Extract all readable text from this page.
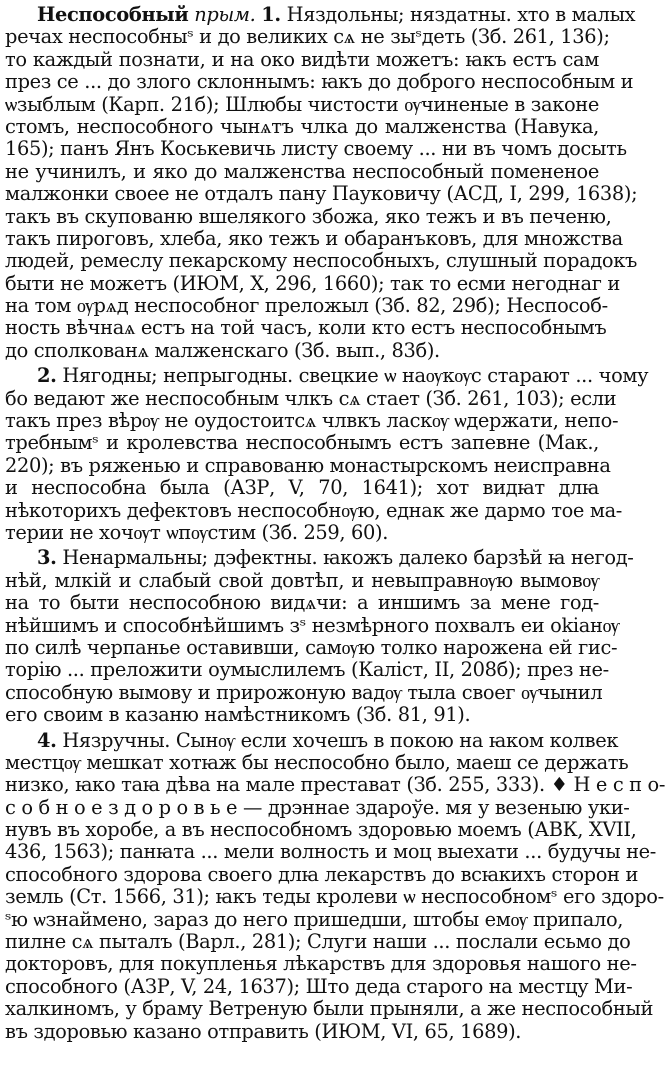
Неспособный прым. 1. Няздольны; няздатны. хто в малых
речах неспособныˢ и до великих сѧ не зыˢдеть (Зб. 261, 136);
то каждый познати, и на око видѣти можетъ: ꙗкъ естъ сам
през се ... до злого склоннымъ: ꙗкъ до доброго неспособным и
ѡзыблым (Карп. 21б); Шлюбы чистости ѹчиненые в законе
стомъ, неспособного чынѧтъ члка до малженства (Навука,
165); панъ Янъ Коськевичь листу своему ... ни въ чомъ досыть
не учинилъ, и яко до малженства неспособный помененое
малжонки своее не отдалъ пану Пауковичу (АСД, I, 299, 1638);
такъ въ скупованю вшелякого збожа, яко тежъ и въ печеню,
такъ пироговъ, хлеба, яко тежъ и обаранъковъ, для множства
людей, ремеслу пекарскому неспособныхъ, слушный порадокъ
быти не можетъ (ИЮМ, X, 296, 1660); так то есми негоднаг и
на том ѹрѧд неспособног преложыл (Зб. 82, 29б); Неспособ-
ность вѣчнаѧ естъ на той часъ, коли кто естъ неспособнымъ
до сполкованѧ малженскаго (Зб. вып., 83б).
2. Нягодны; непрыгодны. свецкие ѡ наѹкѹс старают ... чому
бо ведают же неспособным члкъ сѧ стает (Зб. 261, 103); если
такъ през вѣрѹ не оудостоитсѧ члвкъ ласкѹ ѡдержати, непо-
требнымˢ и кролевства неспособнымъ естъ запевне (Мак.,
220); въ ряженью и справованю монастырскомъ неисправна
и неспособна была (АЗР, V, 70, 1641); хот видꙗт длꙗ
нѣкоторихъ дефектовъ неспособнѹю, еднак же дармо тое ма-
терии не хочѹт ѡпѹстим (Зб. 259, 60).
3. Ненармальны; дэфектны. ꙗкожъ далеко барзѣй ꙗ негод-
нѣй, млкій и слабый свой довтѣп, и невыправнѹю вымовѹ
на то быти неспособною видѧчи: а иншимъ за мене год-
нѣйшимъ и способнѣйшимъ зˢ незмѣрного похвалъ еи оkiанѹ
по силѣ черпанье оставивши, самѹю толко нарожена ей гис-
торію ... преложити оумыслилемъ (Каліст, II, 208б); през не-
способную вымову и прирожоную вадѹ тыла своег ѹчынил
его своим в казаню намѣстникомъ (Зб. 81, 91).
4. Нязручны. Сынѹ если хочешъ в покою на ꙗком колвек
местцѹ мешкат хотꙗж бы неспособно было, маеш се держать
низко, ꙗко таꙗ дѣва на мале престават (Зб. 255, 333). ♦ Н е с п о-
с о б н о е з д о р о в ь е — дрэннае здароўе. мя у везеныю уки-
нувъ въ хоробе, а въ неспособномъ здоровью моемъ (АВК, XVII,
436, 1563); панꙗта ... мели волность и моц выехати ... будучы не-
способного здорова своего длꙗ лекарствъ до всꙗкихъ сторон и
земль (Ст. 1566, 31); ꙗкъ теды кролеви ѡ неспособномˢ его здоро-
ˢю ѡзнаймено, зараз до него пришедши, штобы емѹ припало,
пилне сѧ пыталъ (Варл., 281); Слуги наши ... послали есьмо до
докторовъ, для покупленья лѣкарствъ для здоровья нашого не-
способного (АЗР, V, 24, 1637); Што деда старого на местцу Ми-
халкиномъ, у браму Ветреную были прыняли, а же неспособный
въ здоровью казано отправить (ИЮМ, VI, 65, 1689).
